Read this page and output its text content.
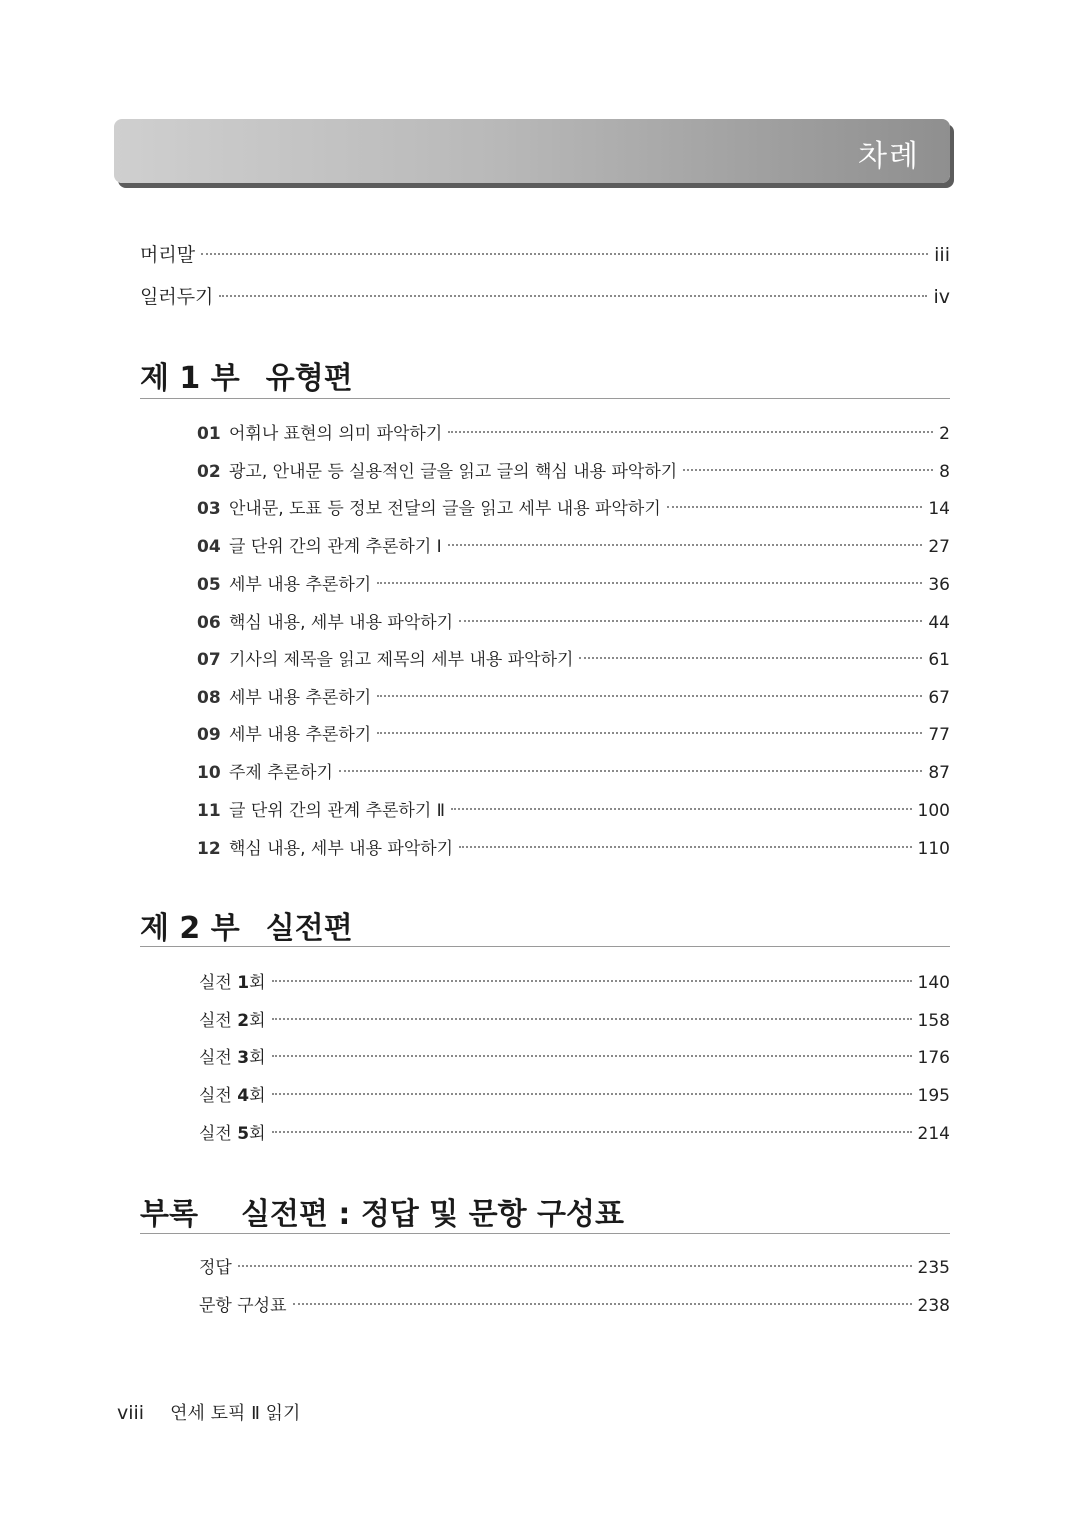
차례
머리말	iii
일러두기	iv
제 1 부 유형편
01 어휘나 표현의 의미 파악하기	2
02 광고, 안내문 등 실용적인 글을 읽고 글의 핵심 내용 파악하기	8
03 안내문, 도표 등 정보 전달의 글을 읽고 세부 내용 파악하기	14
04 글 단위 간의 관계 추론하기 Ⅰ	27
05 세부 내용 추론하기	36
06 핵심 내용, 세부 내용 파악하기	44
07 기사의 제목을 읽고 제목의 세부 내용 파악하기	61
08 세부 내용 추론하기	67
09 세부 내용 추론하기	77
10 주제 추론하기	87
11 글 단위 간의 관계 추론하기 Ⅱ	100
12 핵심 내용, 세부 내용 파악하기	110
제 2 부 실전편
실전 1회	140
실전 2회	158
실전 3회	176
실전 4회	195
실전 5회	214
부록	실전편 : 정답 및 문항 구성표
정답	235
문항 구성표	238
viii 연세 토픽 Ⅱ 읽기
